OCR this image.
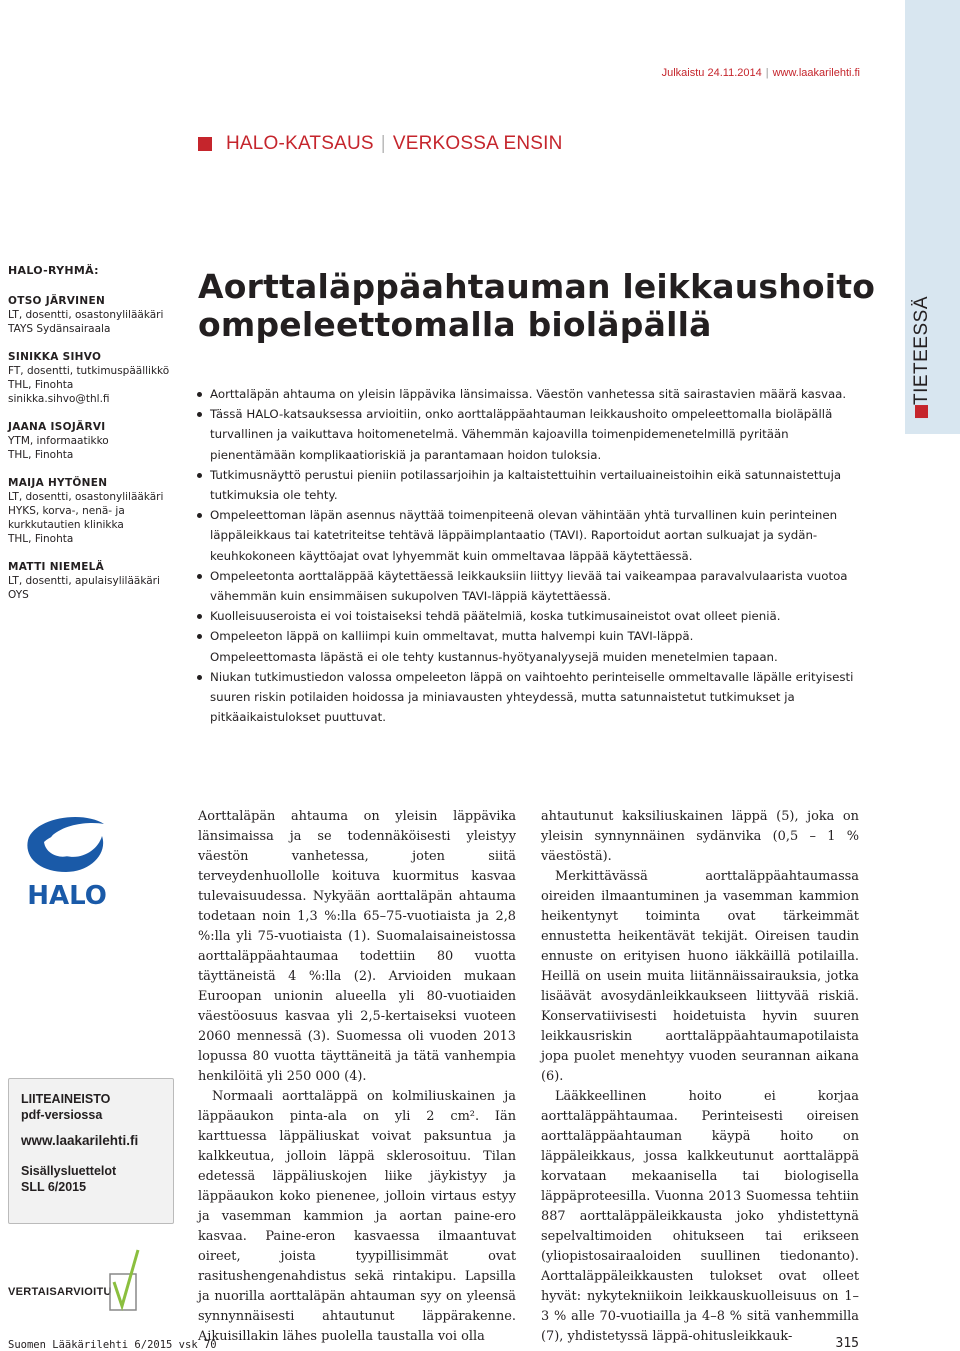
Julkaistu 24.11.2014 | www.laakarilehti.fi
HALO-KATSAUS | VERKOSSA ENSIN
TIETEESSÄ
HALO-RYHMÄ:
OTSO JÄRVINEN
LT, dosentti, osastonylilääkäri
TAYS Sydänsairaala
SINIKKA SIHVO
FT, dosentti, tutkimuspäällikkö
THL, Finohta
sinikka.sihvo@thl.fi
JAANA ISOJÄRVI
YTM, informaatikko
THL, Finohta
MAIJA HYTÖNEN
LT, dosentti, osastonylilääkäri
HYKS, korva-, nenä- ja
kurkkutautien klinikka
THL, Finohta
MATTI NIEMELÄ
LT, dosentti, apulaisylilääkäri
OYS
Aorttaläppäahtauman leikkaushoito
ompeleettomalla bioläpällä
Aorttaläpän ahtauma on yleisin läppävika länsimaissa. Väestön vanhetessa sitä sairastavien määrä kasvaa.
Tässä HALO-katsauksessa arvioitiin, onko aorttaläppäahtauman leikkaushoito ompeleettomalla bioläpällä turvallinen ja vaikuttava hoitomenetelmä. Vähemmän kajoavilla toimenpidemenetelmillä pyritään pienentämään komplikaatioriskiä ja parantamaan hoidon tuloksia.
Tutkimusnäyttö perustui pieniin potilassarjoihin ja kaltaistettuihin vertailuaineistoihin eikä satunnaistettuja tutkimuksia ole tehty.
Ompeleettoman läpän asennus näyttää toimenpiteenä olevan vähintään yhtä turvallinen kuin perinteinen läppäleikkaus tai katetriteitse tehtävä läppäimplantaatio (TAVI). Raportoidut aortan sulkuajat ja sydän-keuhkokoneen käyttöajat ovat lyhyemmät kuin ommeltavaa läppää käytettäessä.
Ompeleetonta aorttaläppää käytettäessä leikkauksiin liittyy lievää tai vaikeampaa paravalvulaarista vuotoa vähemmän kuin ensimmäisen sukupolven TAVI-läppiä käytettäessä.
Kuolleisuuseroista ei voi toistaiseksi tehdä päätelmiä, koska tutkimusaineistot ovat olleet pieniä.
Ompeleeton läppä on kalliimpi kuin ommeltavat, mutta halvempi kuin TAVI-läppä.
Ompeleettomasta läpästä ei ole tehty kustannus-hyötyanalyysejä muiden menetelmien tapaan.
Niukan tutkimustiedon valossa ompeleeton läppä on vaihtoehto perinteiselle ommeltavalle läpälle erityisesti suuren riskin potilaiden hoidossa ja miniavausten yhteydessä, mutta satunnaistetut tutkimukset ja pitkäaikaistulokset puuttuvat.
HALO
LIITEAINEISTO
pdf-versiossa
www.laakarilehti.fi
Sisällysluettelot
SLL 6/2015
VERTAISARVIOITU

Aorttaläpän ahtauma on yleisin läppävika länsimaissa ja se todennäköisesti yleistyy väestön vanhetessa, joten siitä terveydenhuollolle koituva kuormitus kasvaa tulevaisuudessa. Nykyään aorttaläpän ahtauma todetaan noin 1,3 %:lla 65–75-vuotiaista ja 2,8 %:lla yli 75-vuotiaista (1). Suomalaisaineistossa aorttaläppäahtaumaa todettiin 80 vuotta täyttäneistä 4 %:lla (2). Arvioiden mukaan Euroopan unionin alueella yli 80-vuotiaiden väestöosuus kasvaa yli 2,5-kertaiseksi vuoteen 2060 mennessä (3). Suomessa oli vuoden 2013 lopussa 80 vuotta täyttäneitä ja tätä vanhempia henkilöitä yli 250 000 (4).

Normaali aorttaläppä on kolmiliuskainen ja läppäaukon pinta-ala on yli 2 cm². Iän karttuessa läppäliuskat voivat paksuntua ja kalkkeutua, jolloin läppä sklerosoituu. Tilan edetessä läppäliuskojen liike jäykistyy ja läppäaukon koko pienenee, jolloin virtaus estyy ja vasemman kammion ja aortan paine-ero kasvaa. Paine-eron kasvaessa ilmaantuvat oireet, joista tyypillisimmät ovat rasitushengenahdistus sekä rintakipu. Lapsilla ja nuorilla aorttaläpän ahtauman syy on yleensä synnynnäisesti ahtautunut läppärakenne. Aikuisillakin lähes puolella taustalla voi olla

ahtautunut kaksiliuskainen läppä (5), joka on yleisin synnynnäinen sydänvika (0,5 – 1 % väestöstä).

Merkittävässä aorttaläppäahtaumassa oireiden ilmaantuminen ja vasemman kammion heikentynyt toiminta ovat tärkeimmät ennustetta heikentävät tekijät. Oireisen taudin ennuste on erityisen huono iäkkäillä potilailla. Heillä on usein muita liitännäissairauksia, jotka lisäävät avosydänleikkaukseen liittyvää riskiä. Konservatiivisesti hoidetuista hyvin suuren leikkausriskin aorttaläppäahtaumapotilaista jopa puolet menehtyy vuoden seurannan aikana (6).

Lääkkeellinen hoito ei korjaa aorttaläppähtaumaa. Perinteisesti oireisen aorttaläppäahtauman käypä hoito on läppäleikkaus, jossa kalkkeutunut aorttaläppä korvataan mekaanisella tai biologisella läppäproteesilla. Vuonna 2013 Suomessa tehtiin 887 aorttaläppäleikkausta joko yhdistettynä sepelvaltimoiden ohitukseen tai erikseen (yliopistosairaaloiden suullinen tiedonanto). Aorttaläppäleikkausten tulokset ovat olleet hyvät: nykytekniikoin leikkauskuolleisuus on 1–3 % alle 70-vuotiailla ja 4–8 % sitä vanhemmilla (7), yhdistetyssä läppä-ohitusleikkauk-

Suomen Lääkärilehti 6/2015 vsk 70	315
